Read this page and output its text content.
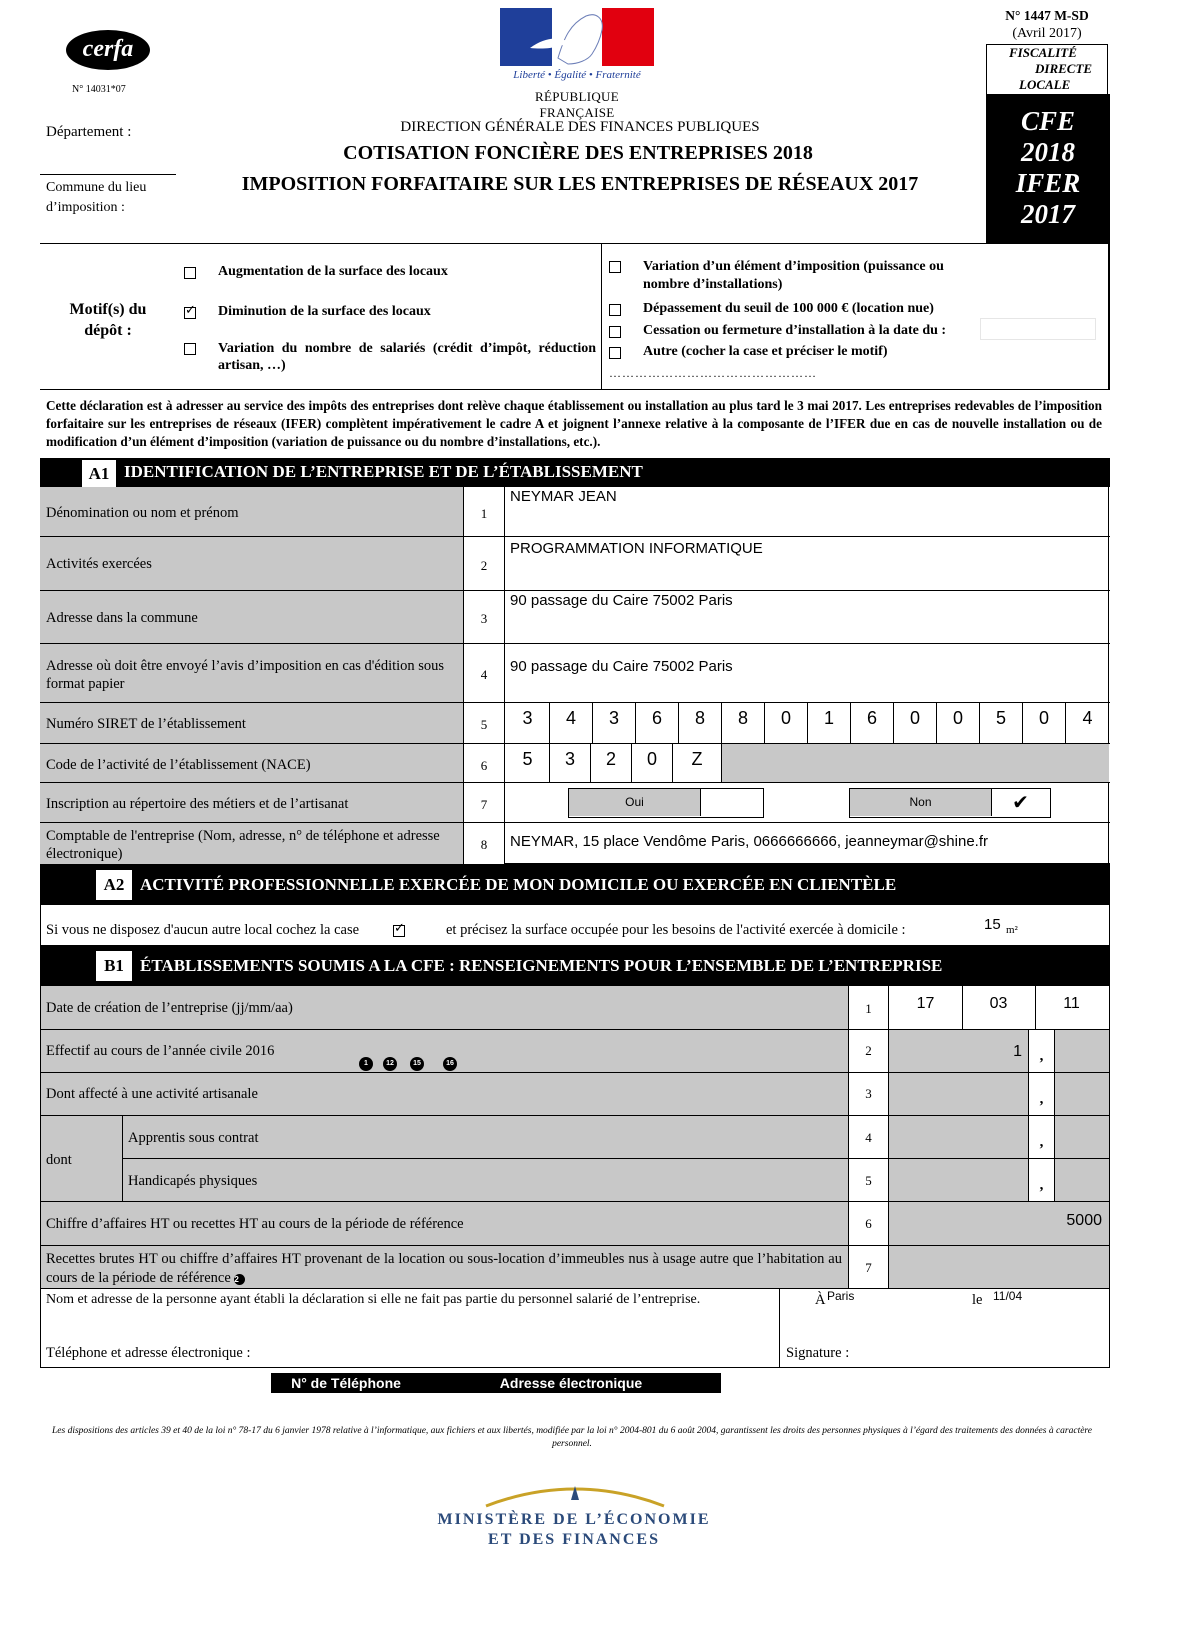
cerfa
N° 14031*07
Liberté • Égalité • Fraternité
RÉPUBLIQUE FRANÇAISE
N° 1447 M-SD
(Avril 2017)
FISCALITÉ
DIRECTE
LOCALE
CFE
2018
IFER
2017
Département :
Commune du lieu
d’imposition :
DIRECTION GÉNÉRALE DES FINANCES PUBLIQUES
COTISATION FONCIÈRE DES ENTREPRISES 2018
IMPOSITION FORFAITAIRE SUR LES ENTREPRISES DE RÉSEAUX 2017
Motif(s) du
dépôt :
Augmentation de la surface des locaux
✓
Diminution de la surface des locaux
Variation du nombre de salariés (crédit d’impôt, réduction artisan, …)
Variation d’un élément d’imposition (puissance ou nombre d’installations)
Dépassement du seuil de 100 000 € (location nue)
Cessation ou fermeture d’installation à la date du :
Autre (cocher la case et préciser le motif)
…………………………………………
Cette déclaration est à adresser au service des impôts des entreprises dont relève chaque établissement ou installation au plus tard le 3 mai 2017. Les entreprises redevables de l’imposition forfaitaire sur les entreprises de réseaux (IFER) complètent impérativement le cadre A et joignent l’annexe relative à la composante de l’IFER due en cas de nouvelle installation ou de modification d’un élément d’imposition (variation de puissance ou du nombre d’installations, etc.).
A1 IDENTIFICATION DE L’ENTREPRISE ET DE L’ÉTABLISSEMENT
Dénomination ou nom et prénom
Activités exercées
Adresse dans la commune
Adresse où doit être envoyé l’avis d’imposition en cas d'édition sous format papier
Numéro SIRET de l’établissement
Code de l’activité de l’établissement (NACE)
Inscription au répertoire des métiers et de l’artisanat
Comptable de l'entreprise (Nom, adresse, n° de téléphone et adresse électronique)
1
2
3
4
5
6
7
8
NEYMAR JEAN
PROGRAMMATION INFORMATIQUE
90 passage du Caire 75002 Paris
90 passage du Caire 75002 Paris
3	4	3	6	8	8	0	1	6	0	0	5	0	4
5	3	2	0	Z
Oui	Non	✔
NEYMAR, 15 place Vendôme Paris, 0666666666, jeanneymar@shine.fr
A2 ACTIVITÉ PROFESSIONNELLE EXERCÉE DE MON DOMICILE OU EXERCÉE EN CLIENTÈLE
Si vous ne disposez d'aucun autre local cochez la case
✓	et précisez la surface occupée pour les besoins de l'activité exercée à domicile :	15 m²
B1 ÉTABLISSEMENTS SOUMIS A LA CFE : RENSEIGNEMENTS POUR L’ENSEMBLE DE L’ENTREPRISE
Date de création de l’entreprise (jj/mm/aa)
Effectif au cours de l’année civile 2016
1	12	15	16
Dont affecté à une activité artisanale
dont
Apprentis sous contrat
Handicapés physiques
Chiffre d’affaires HT ou recettes HT au cours de la période de référence
Recettes brutes HT ou chiffre d’affaires HT provenant de la location ou sous-location d’immeubles nus à usage autre que l’habitation au cours de la période de référence 2
1
2
3
4
5
6
7
17	03	11
1	,
,
,
,
5000
Nom et adresse de la personne ayant établi la déclaration si elle ne fait pas partie du personnel salarié de l’entreprise.
Téléphone et adresse électronique :
À Paris	le 11/04
Signature :
N° de Téléphone	Adresse électronique
Les dispositions des articles 39 et 40 de la loi n° 78-17 du 6 janvier 1978 relative à l’informatique, aux fichiers et aux libertés, modifiée par la loi n° 2004-801 du 6 août 2004, garantissent les droits des personnes physiques à l’égard des traitements des données à caractère personnel.
MINISTÈRE DE L’ÉCONOMIE
ET DES FINANCES
